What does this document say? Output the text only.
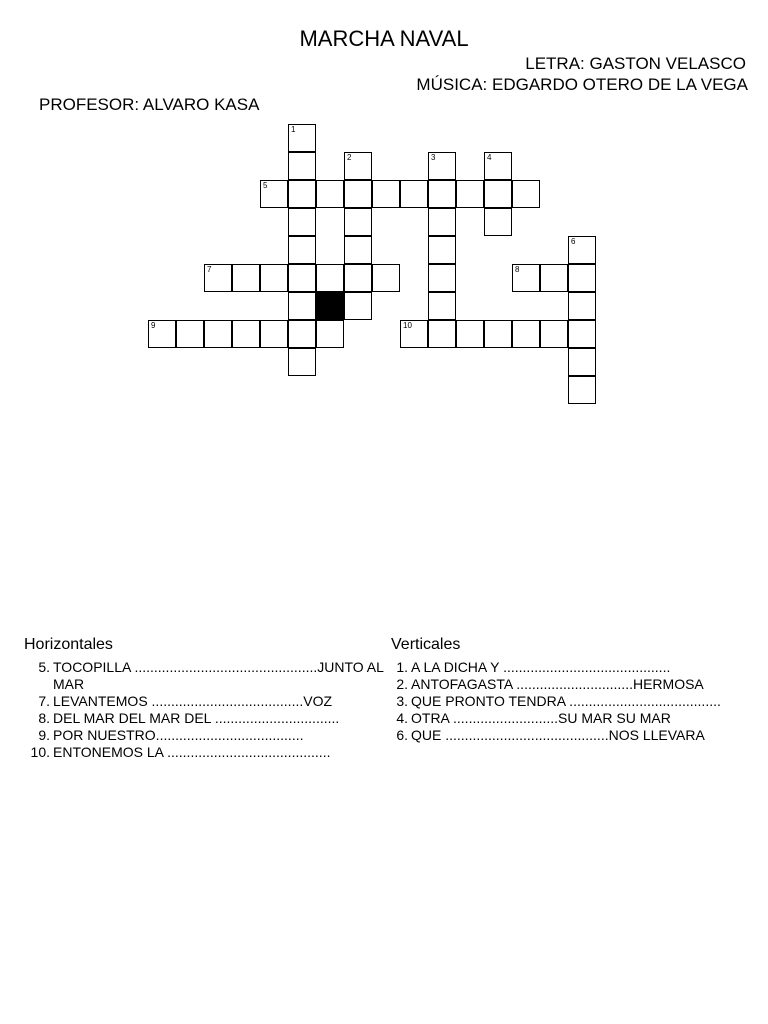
MARCHA NAVAL
LETRA: GASTON VELASCO
MÚSICA: EDGARDO OTERO DE LA VEGA
PROFESOR: ALVARO KASA
1
2	3	4
5
6
7	8
9	10
Horizontales	Verticales
5. TOCOPILLA ...............................................JUNTO AL MAR
7. LEVANTEMOS .......................................VOZ
8. DEL MAR DEL MAR DEL ................................
9. POR NUESTRO......................................
10. ENTONEMOS LA ..........................................
1. A LA DICHA Y ...........................................
2. ANTOFAGASTA ..............................HERMOSA
3. QUE PRONTO TENDRA .......................................
4. OTRA ...........................SU MAR SU MAR
6. QUE ..........................................NOS LLEVARA
